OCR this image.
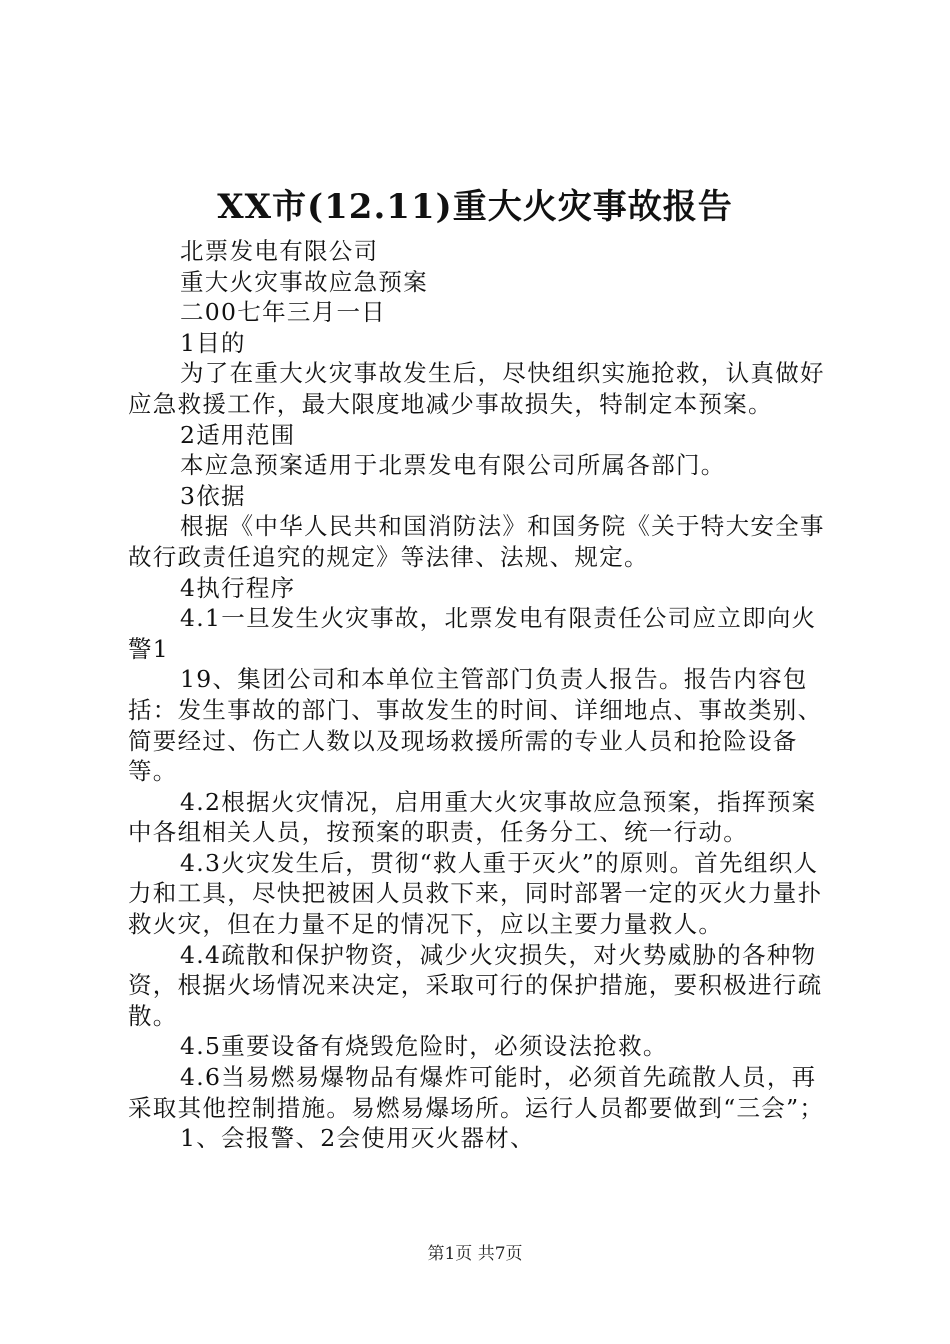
XX市(12.11)重大火灾事故报告

北票发电有限公司

重大火灾事故应急预案

二00七年三月一日

1目的

为了在重大火灾事故发生后，尽快组织实施抢救，认真做好应急救援工作，最大限度地减少事故损失，特制定本预案。

2适用范围

本应急预案适用于北票发电有限公司所属各部门。

3依据

根据《中华人民共和国消防法》和国务院《关于特大安全事故行政责任追究的规定》等法律、法规、规定。

4执行程序

4.1一旦发生火灾事故，北票发电有限责任公司应立即向火警1

19、集团公司和本单位主管部门负责人报告。报告内容包括：发生事故的部门、事故发生的时间、详细地点、事故类别、简要经过、伤亡人数以及现场救援所需的专业人员和抢险设备等。

4.2根据火灾情况，启用重大火灾事故应急预案，指挥预案中各组相关人员，按预案的职责，任务分工、统一行动。

4.3火灾发生后，贯彻“救人重于灭火”的原则。首先组织人力和工具，尽快把被困人员救下来，同时部署一定的灭火力量扑救火灾，但在力量不足的情况下，应以主要力量救人。

4.4疏散和保护物资，减少火灾损失，对火势威胁的各种物资，根据火场情况来决定，采取可行的保护措施，要积极进行疏散。

4.5重要设备有烧毁危险时，必须设法抢救。

4.6当易燃易爆物品有爆炸可能时，必须首先疏散人员，再采取其他控制措施。易燃易爆场所。运行人员都要做到“三会”；

1、会报警、2会使用灭火器材、

第1页 共7页
